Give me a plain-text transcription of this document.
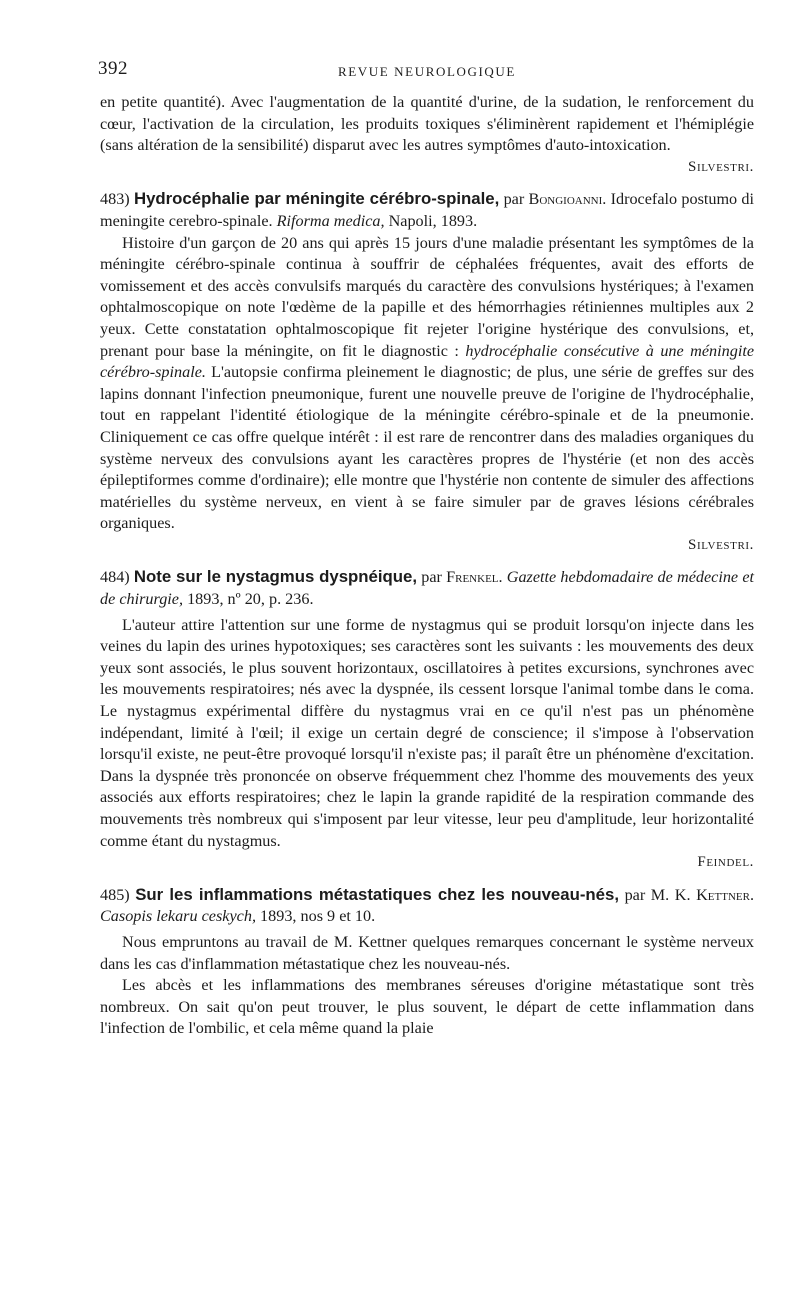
392	REVUE NEUROLOGIQUE

en petite quantité). Avec l'augmentation de la quantité d'urine, de la sudation, le renforcement du cœur, l'activation de la circulation, les produits toxiques s'éliminèrent rapidement et l'hémiplégie (sans altération de la sensibilité) disparut avec les autres symptômes d'auto-intoxication.

Silvestri.

483) Hydrocéphalie par méningite cérébro-spinale, par Bongioanni. Idrocefalo postumo di meningite cerebro-spinale. Riforma medica, Napoli, 1893.

Histoire d'un garçon de 20 ans qui après 15 jours d'une maladie présentant les symptômes de la méningite cérébro-spinale continua à souffrir de céphalées fréquentes, avait des efforts de vomissement et des accès convulsifs marqués du caractère des convulsions hystériques; à l'examen ophtalmoscopique on note l'œdème de la papille et des hémorrhagies rétiniennes multiples aux 2 yeux. Cette constatation ophtalmoscopique fit rejeter l'origine hystérique des convulsions, et, prenant pour base la méningite, on fit le diagnostic : hydrocéphalie consécutive à une méningite cérébro-spinale. L'autopsie confirma pleinement le diagnostic; de plus, une série de greffes sur des lapins donnant l'infection pneumonique, furent une nouvelle preuve de l'origine de l'hydrocéphalie, tout en rappelant l'identité étiologique de la méningite cérébro-spinale et de la pneumonie. Cliniquement ce cas offre quelque intérêt : il est rare de rencontrer dans des maladies organiques du système nerveux des convulsions ayant les caractères propres de l'hystérie (et non des accès épileptiformes comme d'ordinaire); elle montre que l'hystérie non contente de simuler des affections matérielles du système nerveux, en vient à se faire simuler par de graves lésions cérébrales organiques.

Silvestri.

484) Note sur le nystagmus dyspnéique, par Frenkel. Gazette hebdomadaire de médecine et de chirurgie, 1893, nº 20, p. 236.

L'auteur attire l'attention sur une forme de nystagmus qui se produit lorsqu'on injecte dans les veines du lapin des urines hypotoxiques; ses caractères sont les suivants : les mouvements des deux yeux sont associés, le plus souvent horizontaux, oscillatoires à petites excursions, synchrones avec les mouvements respiratoires; nés avec la dyspnée, ils cessent lorsque l'animal tombe dans le coma. Le nystagmus expérimental diffère du nystagmus vrai en ce qu'il n'est pas un phénomène indépendant, limité à l'œil; il exige un certain degré de conscience; il s'impose à l'observation lorsqu'il existe, ne peut-être provoqué lorsqu'il n'existe pas; il paraît être un phénomène d'excitation. Dans la dyspnée très prononcée on observe fréquemment chez l'homme des mouvements des yeux associés aux efforts respiratoires; chez le lapin la grande rapidité de la respiration commande des mouvements très nombreux qui s'imposent par leur vitesse, leur peu d'amplitude, leur horizontalité comme étant du nystagmus.

Feindel.

485) Sur les inflammations métastatiques chez les nouveau-nés, par M. K. Kettner. Casopis lekaru ceskych, 1893, nos 9 et 10.

Nous empruntons au travail de M. Kettner quelques remarques concernant le système nerveux dans les cas d'inflammation métastatique chez les nouveau-nés.

Les abcès et les inflammations des membranes séreuses d'origine métastatique sont très nombreux. On sait qu'on peut trouver, le plus souvent, le départ de cette inflammation dans l'infection de l'ombilic, et cela même quand la plaie
